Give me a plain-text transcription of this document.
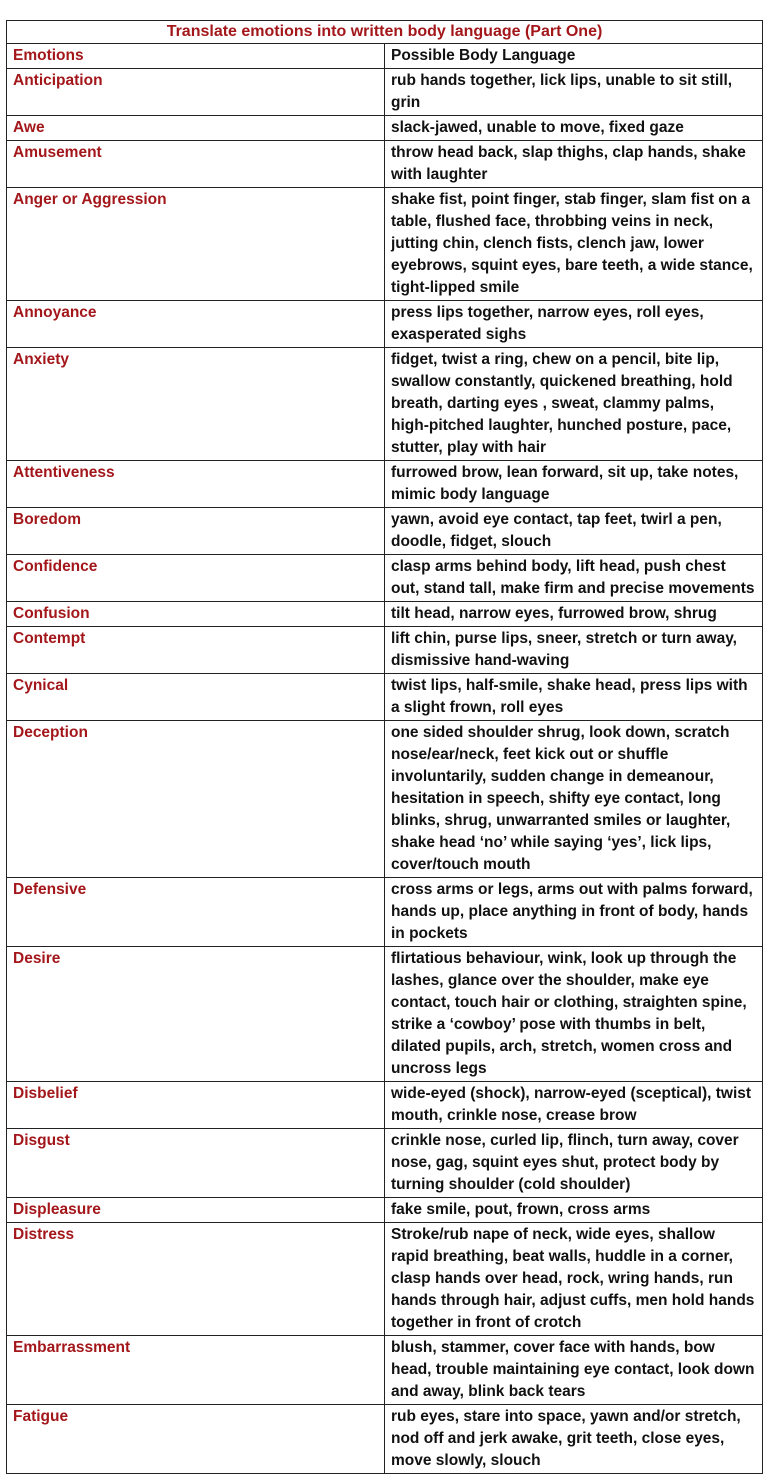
Translate emotions into written body language (Part One)	
Emotions	Possible Body Language
Anticipation	rub hands together, lick lips, unable to sit still, grin
Awe	slack-jawed, unable to move, fixed gaze
Amusement	throw head back, slap thighs, clap hands, shake with laughter
Anger or Aggression	shake fist, point finger, stab finger, slam fist on a table, flushed face, throbbing veins in neck, jutting chin, clench fists, clench jaw, lower eyebrows, squint eyes, bare teeth, a wide stance, tight-lipped smile
Annoyance	press lips together, narrow eyes, roll eyes, exasperated sighs
Anxiety	fidget, twist a ring, chew on a pencil, bite lip, swallow constantly, quickened breathing, hold breath, darting eyes , sweat, clammy palms, high-pitched laughter, hunched posture, pace, stutter, play with hair
Attentiveness	furrowed brow, lean forward, sit up, take notes, mimic body language
Boredom	yawn, avoid eye contact, tap feet, twirl a pen, doodle, fidget, slouch
Confidence	clasp arms behind body, lift head, push chest out, stand tall, make firm and precise movements
Confusion	tilt head, narrow eyes, furrowed brow, shrug
Contempt	lift chin, purse lips, sneer, stretch or turn away, dismissive hand-waving
Cynical	twist lips, half-smile, shake head, press lips with a slight frown, roll eyes
Deception	one sided shoulder shrug, look down, scratch nose/ear/neck, feet kick out or shuffle involuntarily, sudden change in demeanour, hesitation in speech, shifty eye contact, long blinks, shrug, unwarranted smiles or laughter, shake head ‘no’ while saying ‘yes’, lick lips, cover/touch mouth
Defensive	cross arms or legs, arms out with palms forward, hands up, place anything in front of body, hands in pockets
Desire	flirtatious behaviour, wink, look up through the lashes, glance over the shoulder, make eye contact, touch hair or clothing, straighten spine, strike a ‘cowboy’ pose with thumbs in belt, dilated pupils, arch, stretch, women cross and uncross legs
Disbelief	wide-eyed (shock), narrow-eyed (sceptical), twist mouth, crinkle nose, crease brow
Disgust	crinkle nose, curled lip, flinch, turn away, cover nose, gag, squint eyes shut, protect body by turning shoulder (cold shoulder)
Displeasure	fake smile, pout, frown, cross arms
Distress	Stroke/rub nape of neck, wide eyes, shallow rapid breathing, beat walls, huddle in a corner, clasp hands over head, rock, wring hands, run hands through hair, adjust cuffs, men hold hands together in front of crotch
Embarrassment	blush, stammer, cover face with hands, bow head, trouble maintaining eye contact, look down and away, blink back tears
Fatigue	rub eyes, stare into space, yawn and/or stretch, nod off and jerk awake, grit teeth, close eyes, move slowly, slouch
